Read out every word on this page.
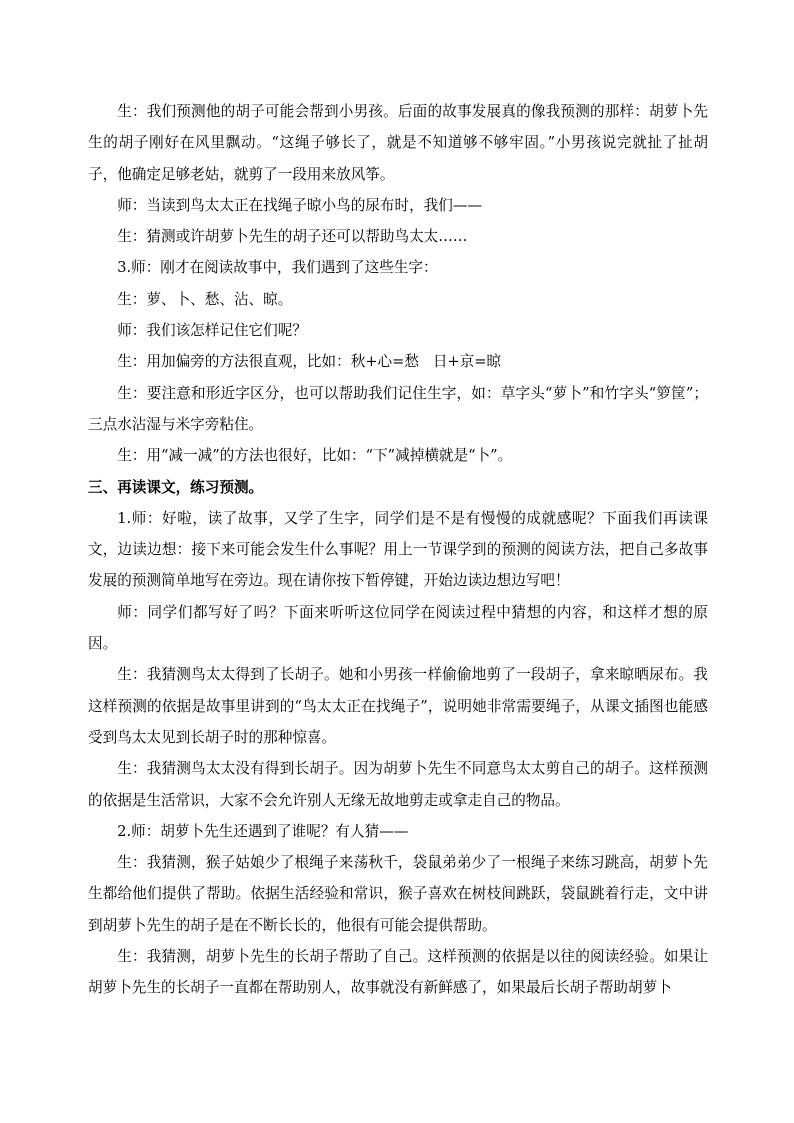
生：我们预测他的胡子可能会帮到小男孩。后面的故事发展真的像我预测的那样：胡萝卜先生的胡子刚好在风里飘动。“这绳子够长了，就是不知道够不够牢固。”小男孩说完就扯了扯胡子，他确定足够老姑，就剪了一段用来放风筝。

师：当读到鸟太太正在找绳子晾小鸟的尿布时，我们——

生：猜测或许胡萝卜先生的胡子还可以帮助鸟太太……

3.师：刚才在阅读故事中，我们遇到了这些生字：

生：萝、卜、愁、沾、晾。

师：我们该怎样记住它们呢？

生：用加偏旁的方法很直观，比如：秋+心=愁   日+京=晾

生：要注意和形近字区分，也可以帮助我们记住生字，如：草字头“萝卜”和竹字头“箩筐”；  三点水沾湿与米字旁粘住。

生：用“减一减”的方法也很好，比如：“下”减掉横就是“卜”。

三、再读课文，练习预测。

1.师：好啦，读了故事，又学了生字，同学们是不是有慢慢的成就感呢？下面我们再读课文，边读边想：接下来可能会发生什么事呢？用上一节课学到的预测的阅读方法，把自己多故事发展的预测简单地写在旁边。现在请你按下暂停键，开始边读边想边写吧！

师：同学们都写好了吗？下面来听听这位同学在阅读过程中猜想的内容，和这样才想的原因。

生：我猜测鸟太太得到了长胡子。她和小男孩一样偷偷地剪了一段胡子，拿来晾晒尿布。我这样预测的依据是故事里讲到的“鸟太太正在找绳子”，说明她非常需要绳子，从课文插图也能感受到鸟太太见到长胡子时的那种惊喜。

生：我猜测鸟太太没有得到长胡子。因为胡萝卜先生不同意鸟太太剪自己的胡子。这样预测的依据是生活常识，大家不会允许别人无缘无故地剪走或拿走自己的物品。

2.师：胡萝卜先生还遇到了谁呢？有人猜——

生：我猜测，猴子姑娘少了根绳子来荡秋千，袋鼠弟弟少了一根绳子来练习跳高，胡萝卜先生都给他们提供了帮助。依据生活经验和常识，猴子喜欢在树枝间跳跃，袋鼠跳着行走，文中讲到胡萝卜先生的胡子是在不断长长的，他很有可能会提供帮助。

生：我猜测，胡萝卜先生的长胡子帮助了自己。这样预测的依据是以往的阅读经验。如果让胡萝卜先生的长胡子一直都在帮助别人，故事就没有新鲜感了，如果最后长胡子帮助胡萝卜
